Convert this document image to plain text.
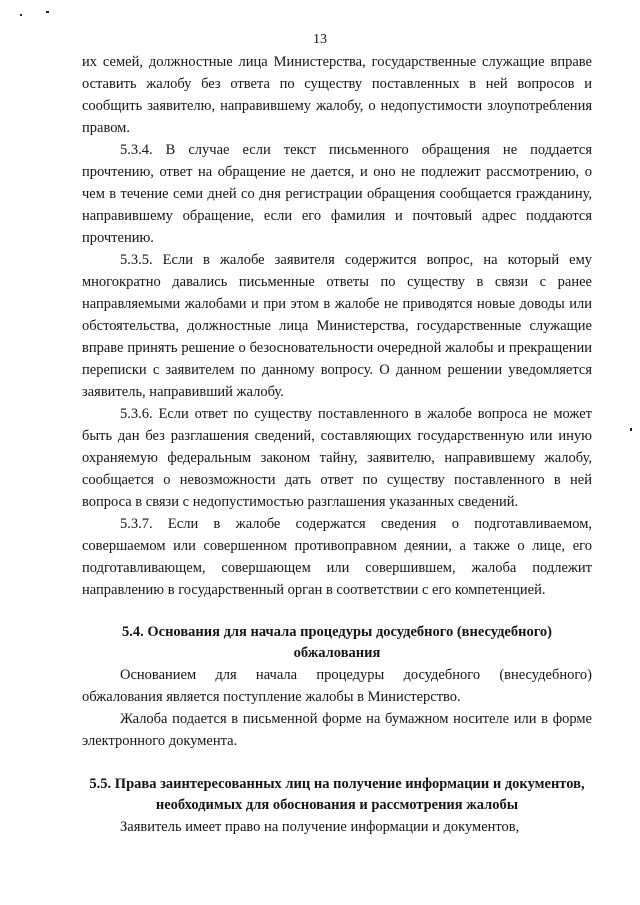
13

их семей, должностные лица Министерства, государственные служащие вправе оставить жалобу без ответа по существу поставленных в ней вопросов и сообщить заявителю, направившему жалобу, о недопустимости злоупотребления правом.

5.3.4. В случае если текст письменного обращения не поддается прочтению, ответ на обращение не дается, и оно не подлежит рассмотрению, о чем в течение семи дней со дня регистрации обращения сообщается гражданину, направившему обращение, если его фамилия и почтовый адрес поддаются прочтению.

5.3.5. Если в жалобе заявителя содержится вопрос, на который ему многократно давались письменные ответы по существу в связи с ранее направляемыми жалобами и при этом в жалобе не приводятся новые доводы или обстоятельства, должностные лица Министерства, государственные служащие вправе принять решение о безосновательности очередной жалобы и прекращении переписки с заявителем по данному вопросу. О данном решении уведомляется заявитель, направивший жалобу.

5.3.6. Если ответ по существу поставленного в жалобе вопроса не может быть дан без разглашения сведений, составляющих государственную или иную охраняемую федеральным законом тайну, заявителю, направившему жалобу, сообщается о невозможности дать ответ по существу поставленного в ней вопроса в связи с недопустимостью разглашения указанных сведений.

5.3.7. Если в жалобе содержатся сведения о подготавливаемом, совершаемом или совершенном противоправном деянии, а также о лице, его подготавливающем, совершающем или совершившем, жалоба подлежит направлению в государственный орган в соответствии с его компетенцией.

5.4. Основания для начала процедуры досудебного (внесудебного) обжалования

Основанием для начала процедуры досудебного (внесудебного) обжалования является поступление жалобы в Министерство.

Жалоба подается в письменной форме на бумажном носителе или в форме электронного документа.

5.5. Права заинтересованных лиц на получение информации и документов, необходимых для обоснования и рассмотрения жалобы

Заявитель имеет право на получение информации и документов,
